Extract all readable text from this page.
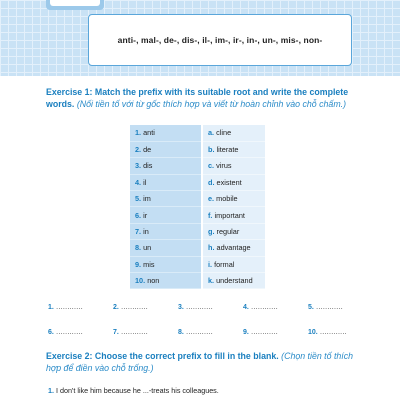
anti-, mal-, de-, dis-, il-, im-, ir-, in-, un-, mis-, non-
Exercise 1: Match the prefix with its suitable root and write the complete words. (Nối tiền tố với từ gốc thích hợp và viết từ hoàn chỉnh vào chỗ chấm.)
1. anti	a. cline
2. de	b. literate
3. dis	c. virus
4. il	d. existent
5. im	e. mobile
6. ir	f. important
7. in	g. regular
8. un	h. advantage
9. mis	i. formal
10. non	k. understand
1. ............	2. ............	3. ............	4. ............	5. ............
6. ............	7. ............	8. ............	9. ............	10. ............
Exercise 2: Choose the correct prefix to fill in the blank. (Chọn tiền tố thích hợp để điền vào chỗ trống.)
1. I don't like him because he ...-treats his colleagues.
